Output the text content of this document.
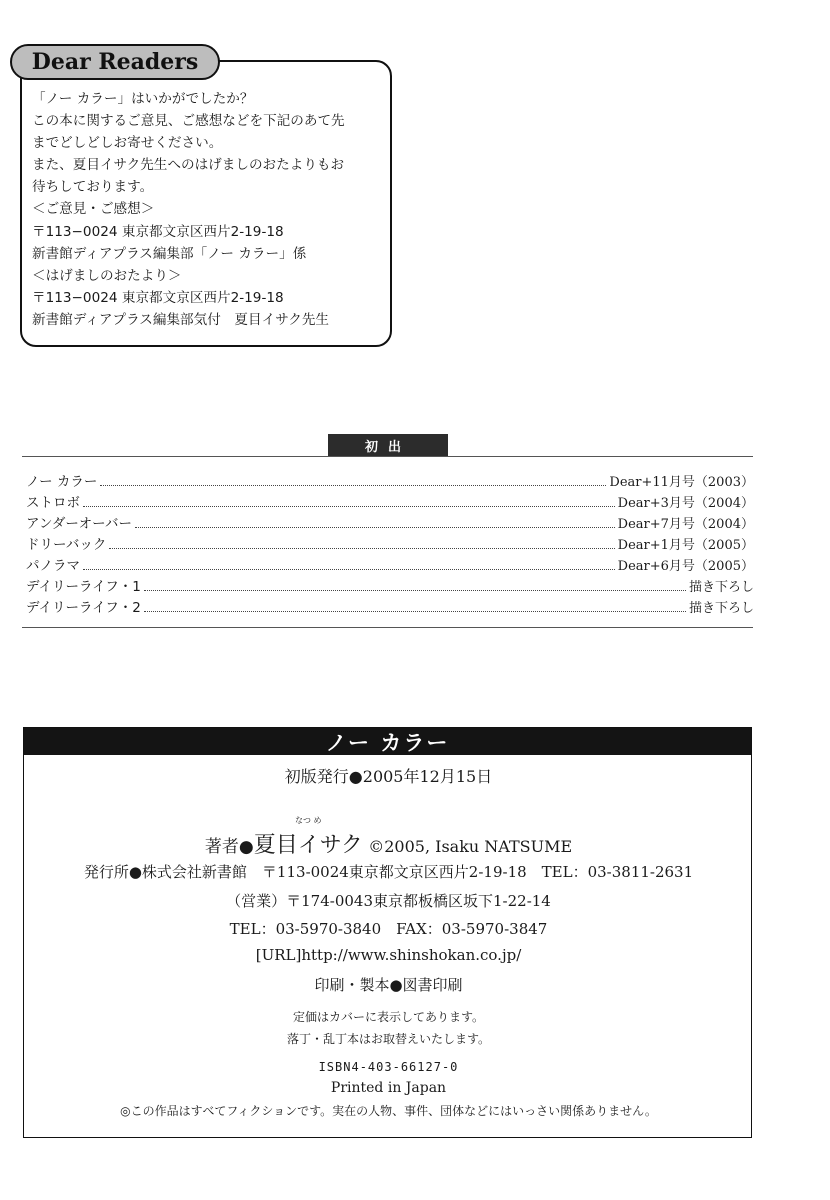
Dear Readers
「ノー カラー」はいかがでしたか？
この本に関するご意見、ご感想などを下記のあて先
までどしどしお寄せください。
また、夏目イサク先生へのはげましのおたよりもお
待ちしております。
＜ご意見・ご感想＞
〒113−0024 東京都文京区西片2-19-18
新書館ディアプラス編集部「ノー カラー」係
＜はげましのおたより＞
〒113−0024 東京都文京区西片2-19-18
新書館ディアプラス編集部気付　夏目イサク先生
初出
ノー カラー	Dear+11月号（2003）
ストロボ	Dear+3月号（2004）
アンダーオーバー	Dear+7月号（2004）
ドリーバック	Dear+1月号（2005）
パノラマ	Dear+6月号（2005）
デイリーライフ・1	描き下ろし
デイリーライフ・2	描き下ろし
ノー カラー
初版発行●2005年12月15日
著者●
なつ め
夏目イサク ©2005, Isaku NATSUME
発行所●株式会社新書館　〒113-0024東京都文京区西片2-19-18　TEL：03-3811-2631
（営業）〒174-0043東京都板橋区坂下1-22-14
TEL：03-5970-3840　FAX：03-5970-3847
[URL]http://www.shinshokan.co.jp/
印刷・製本●図書印刷
定価はカバーに表示してあります。
落丁・乱丁本はお取替えいたします。
ISBN4-403-66127-0
Printed in Japan
◎この作品はすべてフィクションです。実在の人物、事件、団体などにはいっさい関係ありません。
